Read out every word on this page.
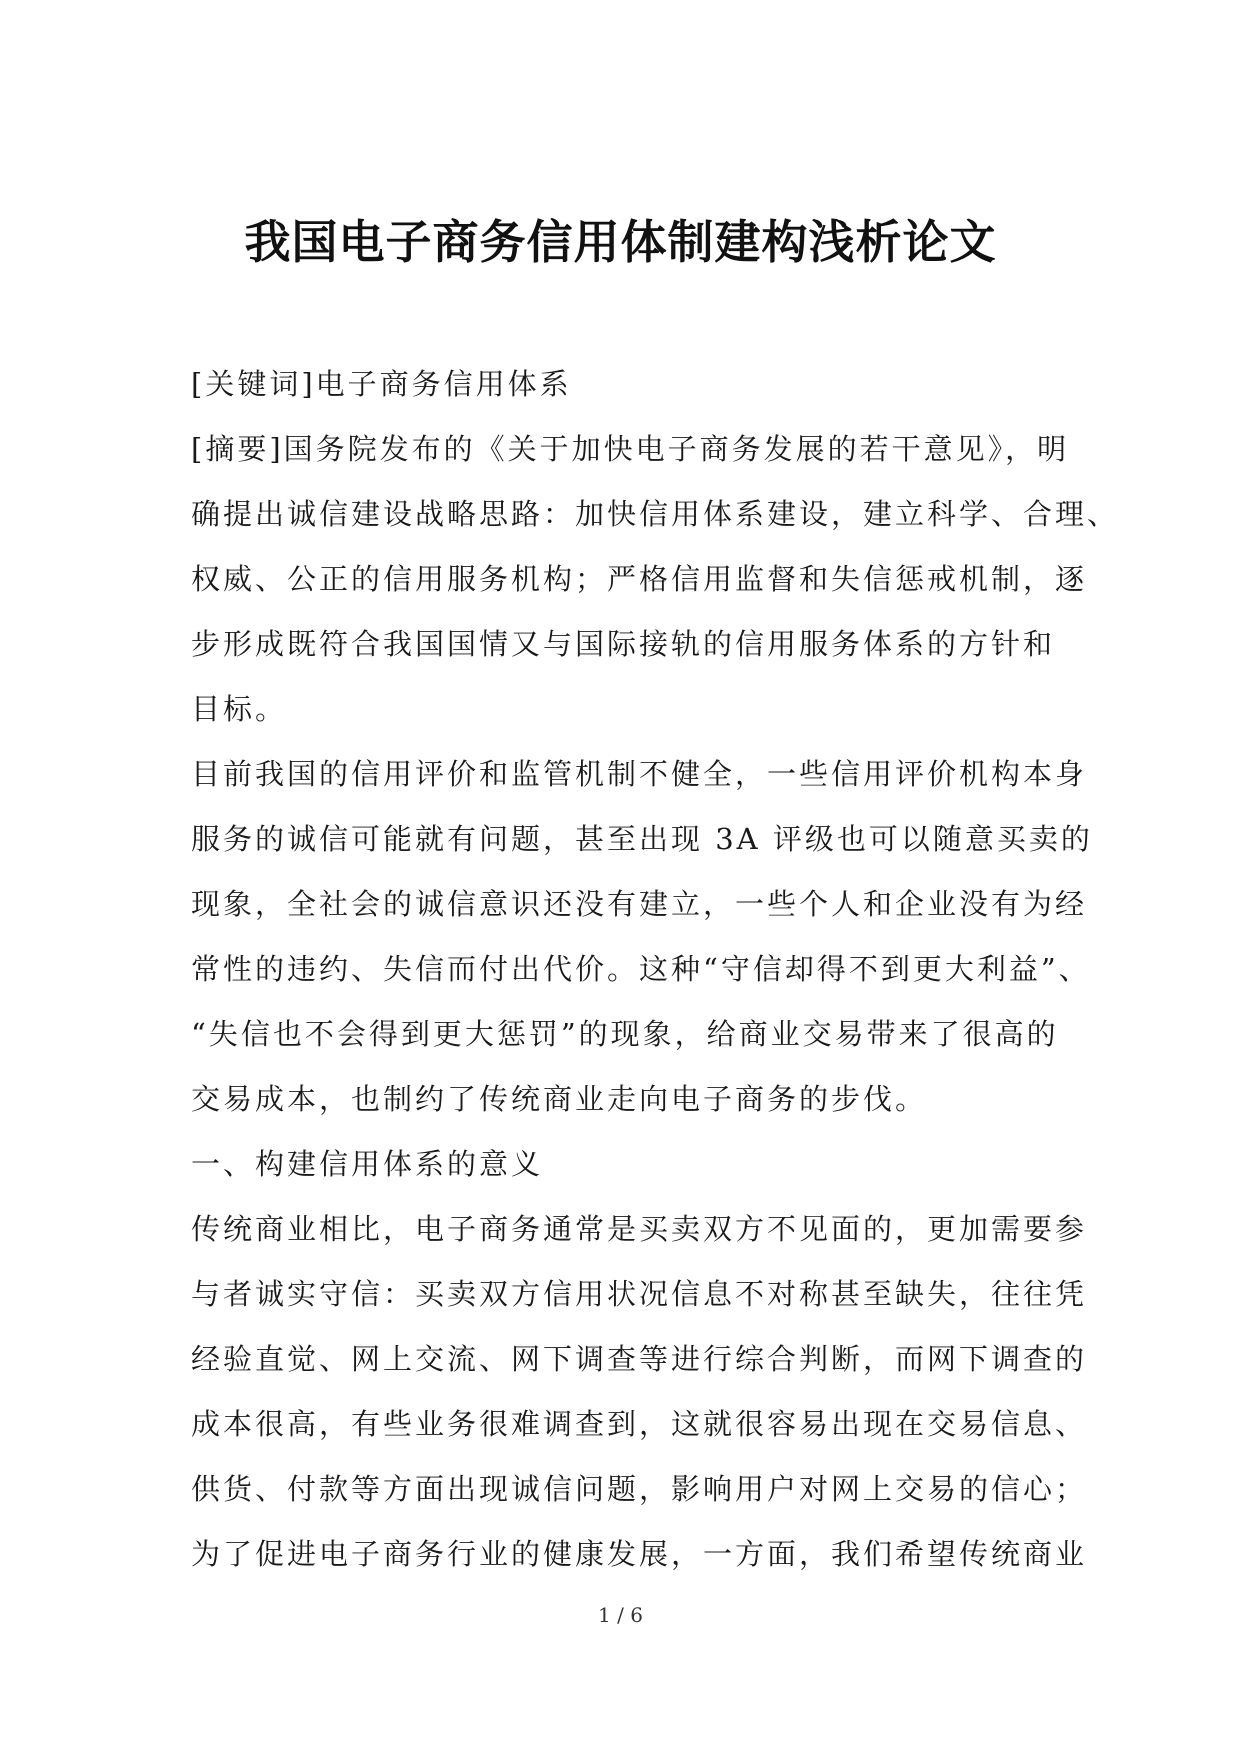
我国电子商务信用体制建构浅析论文
[关键词]电子商务信用体系
[摘要]国务院发布的《关于加快电子商务发展的若干意见》，明
确提出诚信建设战略思路：加快信用体系建设，建立科学、合理、
权威、公正的信用服务机构；严格信用监督和失信惩戒机制，逐
步形成既符合我国国情又与国际接轨的信用服务体系的方针和
目标。
目前我国的信用评价和监管机制不健全，一些信用评价机构本身
服务的诚信可能就有问题，甚至出现 3A 评级也可以随意买卖的
现象，全社会的诚信意识还没有建立，一些个人和企业没有为经
常性的违约、失信而付出代价。这种“守信却得不到更大利益”、
“失信也不会得到更大惩罚”的现象，给商业交易带来了很高的
交易成本，也制约了传统商业走向电子商务的步伐。
一、构建信用体系的意义
传统商业相比，电子商务通常是买卖双方不见面的，更加需要参
与者诚实守信：买卖双方信用状况信息不对称甚至缺失，往往凭
经验直觉、网上交流、网下调查等进行综合判断，而网下调查的
成本很高，有些业务很难调查到，这就很容易出现在交易信息、
供货、付款等方面出现诚信问题，影响用户对网上交易的信心；
为了促进电子商务行业的健康发展，一方面，我们希望传统商业
1 / 6
